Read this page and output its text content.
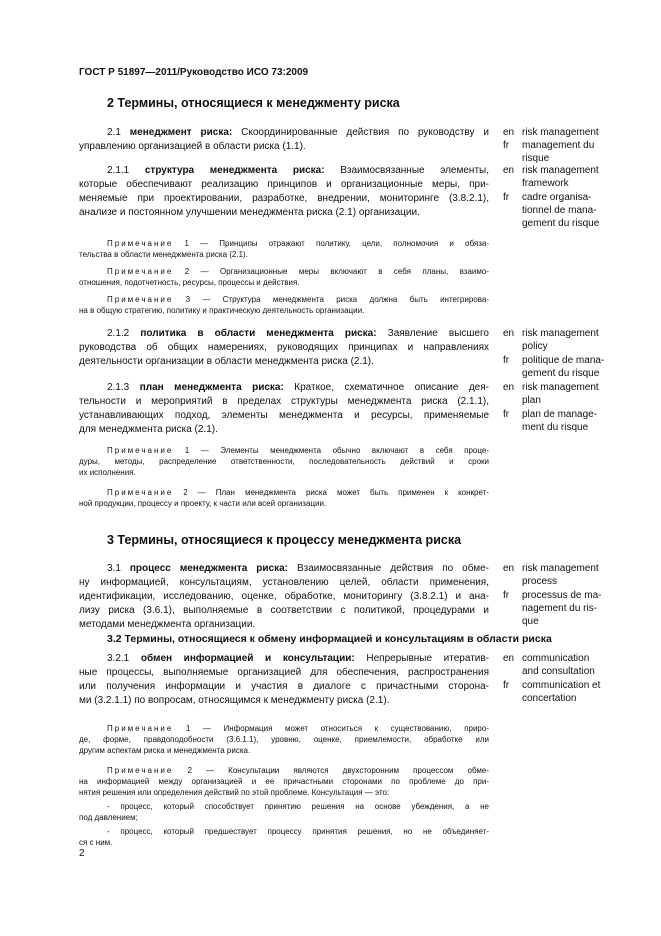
ГОСТ Р 51897—2011/Руководство ИСО 73:2009
2 Термины, относящиеся к менеджменту риска
2.1 менеджмент риска: Скоординированные действия по руководству и
управлению организацией в области риска (1.1).
en risk management
fr management du
risque
2.1.1 структура менеджмента риска: Взаимосвязанные элементы,
которые обеспечивают реализацию принципов и организационные меры, при-
меняемые при проектировании, разработке, внедрении, мониторинге (3.8.2.1),
анализе и постоянном улучшении менеджмента риска (2.1) организации.
en risk management
framework
fr cadre organisa-
tionnel de mana-
gement du risque
Примечание 1 — Принципы отражают политику, цели, полномочия и обяза-
тельства в области менеджмента риска (2.1).
Примечание 2 — Организационные меры включают в себя планы, взаимо-
отношения, подотчетность, ресурсы, процессы и действия.
Примечание 3 — Структура менеджмента риска должна быть интегрирова-
на в общую стратегию, политику и практическую деятельность организации.
2.1.2 политика в области менеджмента риска: Заявление высшего
руководства об общих намерениях, руководящих принципах и направлениях
деятельности организации в области менеджмента риска (2.1).
en risk management
policy
fr politique de mana-
gement du risque
2.1.3 план менеджмента риска: Краткое, схематичное описание дея-
тельности и мероприятий в пределах структуры менеджмента риска (2.1.1),
устанавливающих подход, элементы менеджмента и ресурсы, применяемые
для менеджмента риска (2.1).
en risk management
plan
fr plan de manage-
ment du risque
Примечание 1 — Элементы менеджмента обычно включают в себя проце-
дуры, методы, распределение ответственности, последовательность действий и сроки
их исполнения.
Примечание 2 — План менеджмента риска может быть применен к конкрет-
ной продукции, процессу и проекту, к части или всей организации.
3 Термины, относящиеся к процессу менеджмента риска
3.1 процесс менеджмента риска: Взаимосвязанные действия по обме-
ну информацией, консультациям, установлению целей, области применения,
идентификации, исследованию, оценке, обработке, мониторингу (3.8.2.1) и ана-
лизу риска (3.6.1), выполняемые в соответствии с политикой, процедурами и
методами менеджмента организации.
en risk management
process
fr processus de ma-
nagement du ris-
que
3.2 Термины, относящиеся к обмену информацией и консультациям в области риска
3.2.1 обмен информацией и консультации: Непрерывные итератив-
ные процессы, выполняемые организацией для обеспечения, распространения
или получения информации и участия в диалоге с причастными сторона-
ми (3.2.1.1) по вопросам, относящимся к менеджменту риска (2.1).
en communication
and consultation
fr communication et
concertation
Примечание 1 — Информация может относиться к существованию, приро-
де, форме, правдоподобности (3.6.1.1), уровню, оценке, приемлемости, обработке или
другим аспектам риска и менеджмента риска.
Примечание 2 — Консультации являются двухсторонним процессом обме-
на информацией между организацией и ее причастными сторонами по проблеме до при-
нятия решения или определения действий по этой проблеме. Консультация — это:
- процесс, который способствует принятию решения на основе убеждения, а не
под давлением;
- процесс, который предшествует процессу принятия решения, но не объединяет-
ся с ним.
2
